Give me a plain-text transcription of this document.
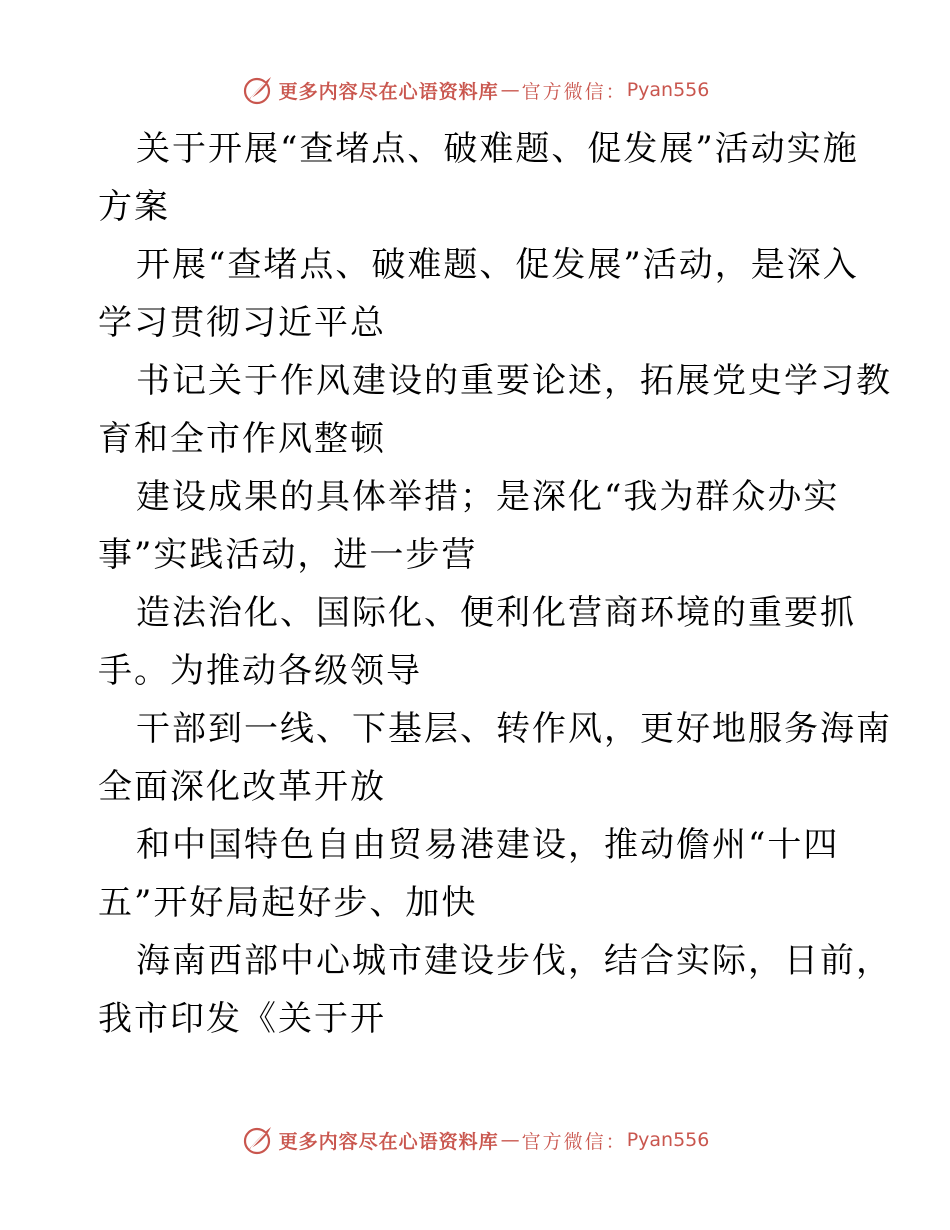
更多内容尽在心语资料库 — 官方微信： Pyan556
关于开展“查堵点、破难题、促发展”活动实施
方案
开展“查堵点、破难题、促发展”活动，是深入
学习贯彻习近平总
书记关于作风建设的重要论述，拓展党史学习教
育和全市作风整顿
建设成果的具体举措；是深化“我为群众办实
事”实践活动，进一步营
造法治化、国际化、便利化营商环境的重要抓
手。为推动各级领导
干部到一线、下基层、转作风，更好地服务海南
全面深化改革开放
和中国特色自由贸易港建设，推动儋州“十四
五”开好局起好步、加快
海南西部中心城市建设步伐，结合实际，日前，
我市印发《关于开
更多内容尽在心语资料库 — 官方微信： Pyan556
